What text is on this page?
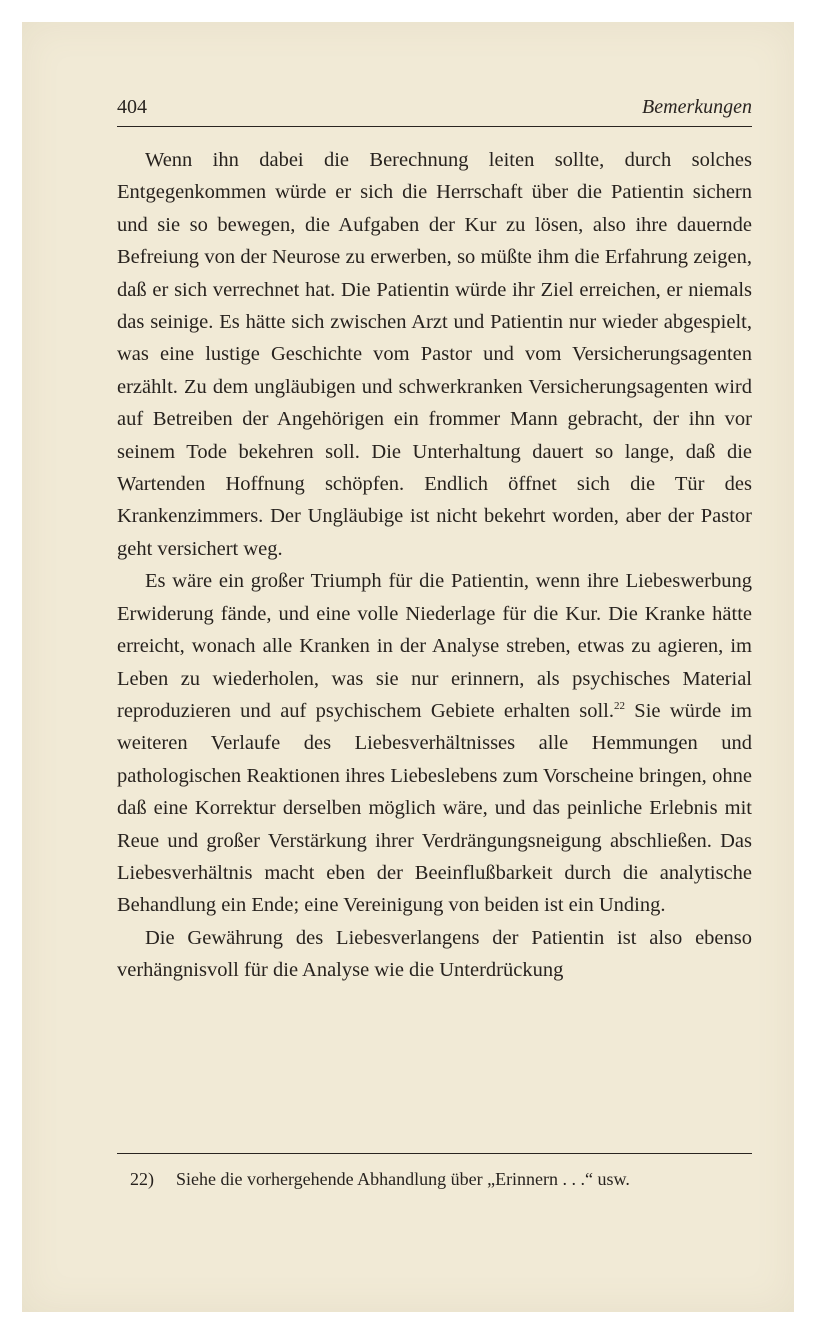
404	Bemerkungen

Wenn ihn dabei die Berechnung leiten sollte, durch solches Entgegenkommen würde er sich die Herrschaft über die Patientin sichern und sie so bewegen, die Aufgaben der Kur zu lösen, also ihre dauernde Befreiung von der Neurose zu erwerben, so müßte ihm die Erfahrung zeigen, daß er sich verrechnet hat. Die Patientin würde ihr Ziel erreichen, er niemals das seinige. Es hätte sich zwischen Arzt und Patientin nur wieder abgespielt, was eine lustige Geschichte vom Pastor und vom Versicherungsagenten erzählt. Zu dem ungläubigen und schwerkranken Versicherungsagenten wird auf Betreiben der Angehörigen ein frommer Mann gebracht, der ihn vor seinem Tode bekehren soll. Die Unterhaltung dauert so lange, daß die Wartenden Hoffnung schöpfen. Endlich öffnet sich die Tür des Krankenzimmers. Der Ungläubige ist nicht bekehrt worden, aber der Pastor geht versichert weg.

Es wäre ein großer Triumph für die Patientin, wenn ihre Liebeswerbung Erwiderung fände, und eine volle Niederlage für die Kur. Die Kranke hätte erreicht, wonach alle Kranken in der Analyse streben, etwas zu agieren, im Leben zu wiederholen, was sie nur erinnern, als psychisches Material reproduzieren und auf psychischem Gebiete erhalten soll.$^{22}$ Sie würde im weiteren Verlaufe des Liebesverhältnisses alle Hemmungen und pathologischen Reaktionen ihres Liebeslebens zum Vorscheine bringen, ohne daß eine Korrektur derselben möglich wäre, und das peinliche Erlebnis mit Reue und großer Verstärkung ihrer Verdrängungsneigung abschließen. Das Liebesverhältnis macht eben der Beeinflußbarkeit durch die analytische Behandlung ein Ende; eine Vereinigung von beiden ist ein Unding.

Die Gewährung des Liebesverlangens der Patientin ist also ebenso verhängnisvoll für die Analyse wie die Unterdrückung

22) Siehe die vorhergehende Abhandlung über „Erinnern . . .“ usw.
